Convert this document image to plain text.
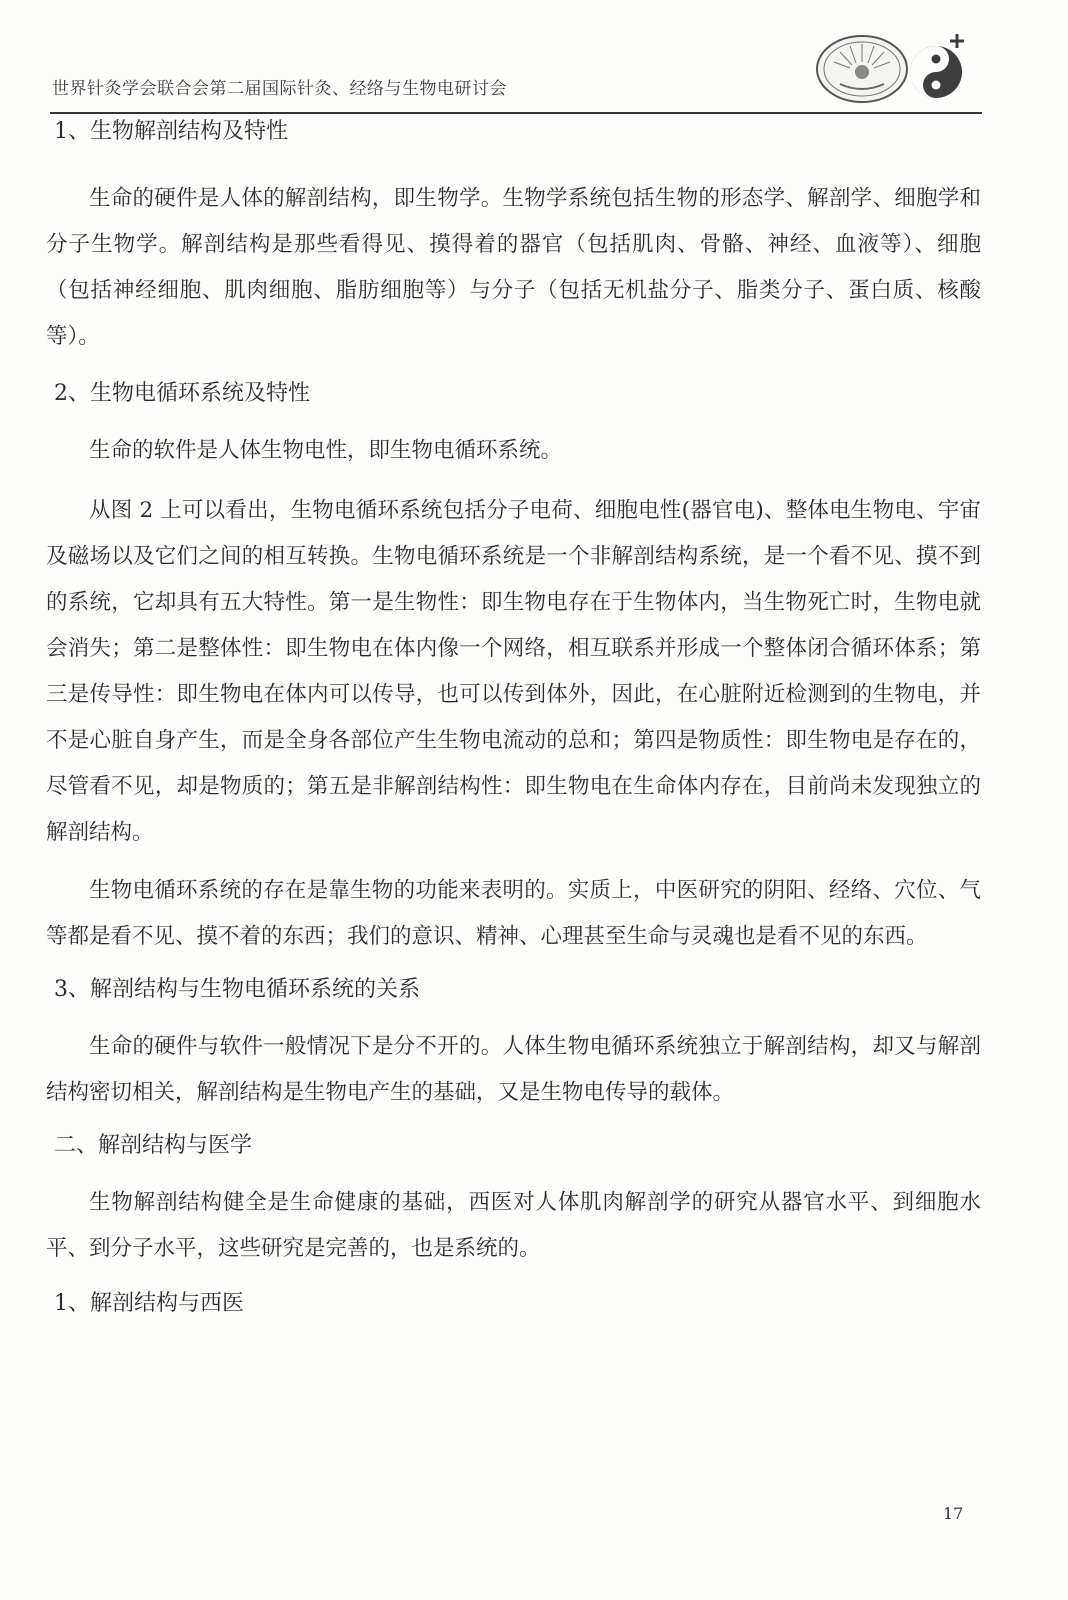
世界针灸学会联合会第二届国际针灸、经络与生物电研讨会
1、生物解剖结构及特性

生命的硬件是人体的解剖结构，即生物学。生物学系统包括生物的形态学、解剖学、细胞学和分子生物学。解剖结构是那些看得见、摸得着的器官（包括肌肉、骨骼、神经、血液等）、细胞（包括神经细胞、肌肉细胞、脂肪细胞等）与分子（包括无机盐分子、脂类分子、蛋白质、核酸等）。

2、生物电循环系统及特性

生命的软件是人体生物电性，即生物电循环系统。

从图 2 上可以看出，生物电循环系统包括分子电荷、细胞电性(器官电)、整体电生物电、宇宙及磁场以及它们之间的相互转换。生物电循环系统是一个非解剖结构系统，是一个看不见、摸不到的系统，它却具有五大特性。第一是生物性：即生物电存在于生物体内，当生物死亡时，生物电就会消失；第二是整体性：即生物电在体内像一个网络，相互联系并形成一个整体闭合循环体系；第三是传导性：即生物电在体内可以传导，也可以传到体外，因此，在心脏附近检测到的生物电，并不是心脏自身产生，而是全身各部位产生生物电流动的总和；第四是物质性：即生物电是存在的，尽管看不见，却是物质的；第五是非解剖结构性：即生物电在生命体内存在，目前尚未发现独立的解剖结构。

生物电循环系统的存在是靠生物的功能来表明的。实质上，中医研究的阴阳、经络、穴位、气等都是看不见、摸不着的东西；我们的意识、精神、心理甚至生命与灵魂也是看不见的东西。

3、解剖结构与生物电循环系统的关系

生命的硬件与软件一般情况下是分不开的。人体生物电循环系统独立于解剖结构，却又与解剖结构密切相关，解剖结构是生物电产生的基础，又是生物电传导的载体。

二、解剖结构与医学

生物解剖结构健全是生命健康的基础，西医对人体肌肉解剖学的研究从器官水平、到细胞水平、到分子水平，这些研究是完善的，也是系统的。

1、解剖结构与西医
17
